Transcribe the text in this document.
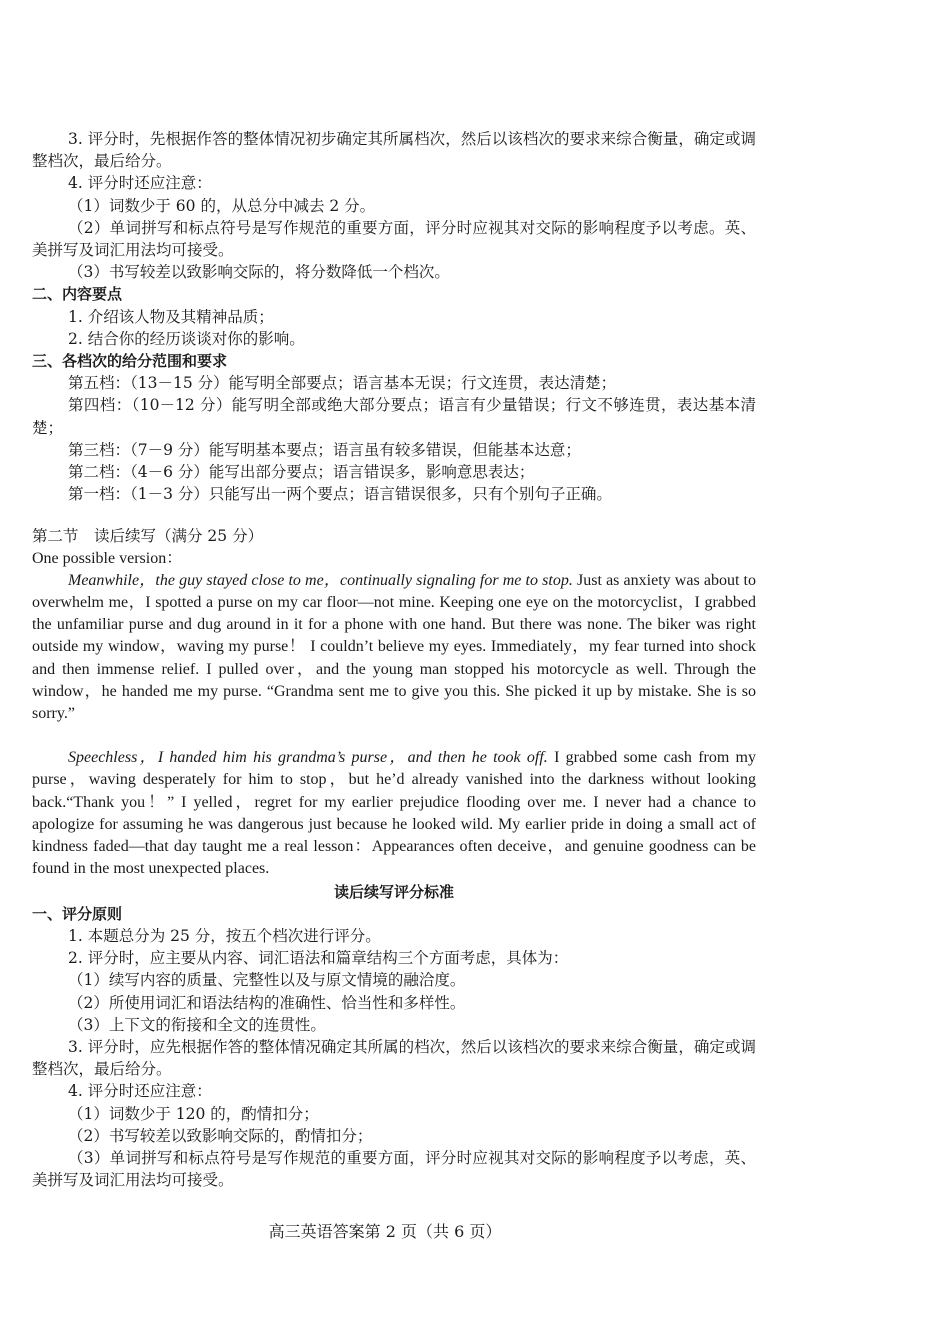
3. 评分时，先根据作答的整体情况初步确定其所属档次，然后以该档次的要求来综合衡量，确定或调整档次，最后给分。

4. 评分时还应注意：

（1）词数少于 60 的，从总分中减去 2 分。

（2）单词拼写和标点符号是写作规范的重要方面，评分时应视其对交际的影响程度予以考虑。英、美拼写及词汇用法均可接受。

（3）书写较差以致影响交际的，将分数降低一个档次。

二、内容要点

1. 介绍该人物及其精神品质；

2. 结合你的经历谈谈对你的影响。

三、各档次的给分范围和要求

第五档：（13－15 分）能写明全部要点；语言基本无误；行文连贯，表达清楚；

第四档：（10－12 分）能写明全部或绝大部分要点；语言有少量错误；行文不够连贯，表达基本清楚；

第三档：（7－9 分）能写明基本要点；语言虽有较多错误，但能基本达意；

第二档：（4－6 分）能写出部分要点；语言错误多，影响意思表达；

第一档：（1－3 分）只能写出一两个要点；语言错误很多，只有个别句子正确。

第二节　读后续写（满分 25 分）

One possible version：

Meanwhile，the guy stayed close to me，continually signaling for me to stop. Just as anxiety was about to overwhelm me，I spotted a purse on my car floor—not mine. Keeping one eye on the motorcyclist，I grabbed the unfamiliar purse and dug around in it for a phone with one hand. But there was none. The biker was right outside my window，waving my purse！ I couldn’t believe my eyes. Immediately，my fear turned into shock and then immense relief. I pulled over，and the young man stopped his motorcycle as well. Through the window，he handed me my purse. “Grandma sent me to give you this. She picked it up by mistake. She is so sorry.”

Speechless，I handed him his grandma’s purse，and then he took off. I grabbed some cash from my purse，waving desperately for him to stop，but he’d already vanished into the darkness without looking back.“Thank you！” I yelled，regret for my earlier prejudice flooding over me. I never had a chance to apologize for assuming he was dangerous just because he looked wild. My earlier pride in doing a small act of kindness faded—that day taught me a real lesson：Appearances often deceive，and genuine goodness can be found in the most unexpected places.

读后续写评分标准

一、评分原则

1. 本题总分为 25 分，按五个档次进行评分。

2. 评分时，应主要从内容、词汇语法和篇章结构三个方面考虑，具体为：

（1）续写内容的质量、完整性以及与原文情境的融洽度。

（2）所使用词汇和语法结构的准确性、恰当性和多样性。

（3）上下文的衔接和全文的连贯性。

3. 评分时，应先根据作答的整体情况确定其所属的档次，然后以该档次的要求来综合衡量，确定或调整档次，最后给分。

4. 评分时还应注意：

（1）词数少于 120 的，酌情扣分；

（2）书写较差以致影响交际的，酌情扣分；

（3）单词拼写和标点符号是写作规范的重要方面，评分时应视其对交际的影响程度予以考虑，英、美拼写及词汇用法均可接受。

高三英语答案第 2 页（共 6 页）
